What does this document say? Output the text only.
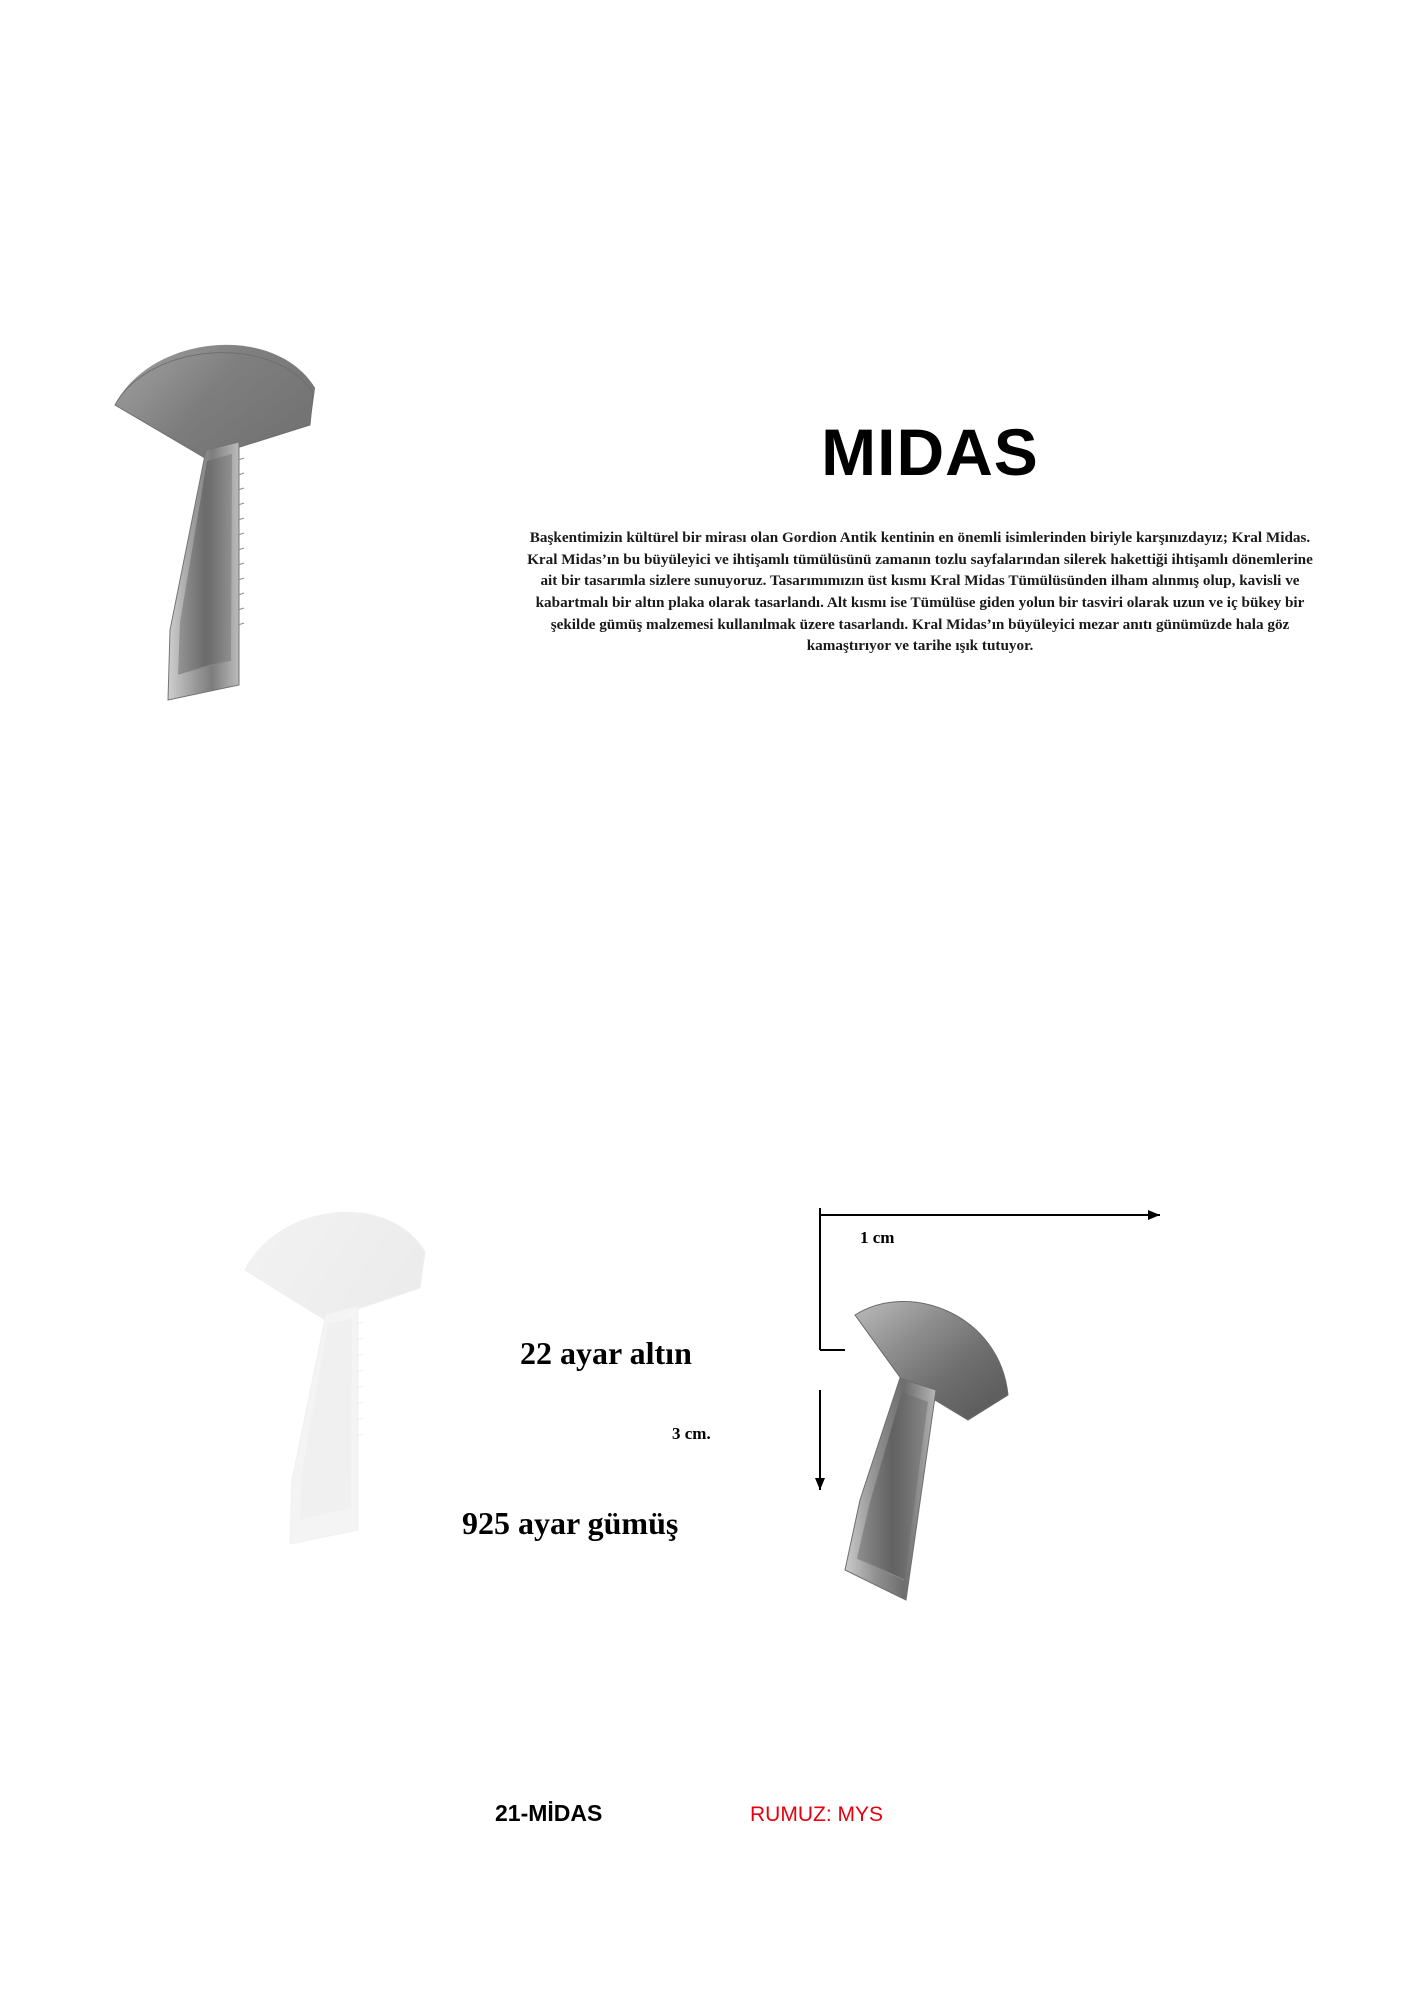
MIDAS

Başkentimizin kültürel bir mirası olan Gordion Antik kentinin en önemli isimlerinden biriyle karşınızdayız; Kral Midas. Kral Midas’ın bu büyüleyici ve ihtişamlı tümülüsünü zamanın tozlu sayfalarından silerek hakettiği ihtişamlı dönemlerine ait bir tasarımla sizlere sunuyoruz. Tasarımımızın üst kısmı Kral Midas Tümülüsünden ilham alınmış olup, kavisli ve kabartmalı bir altın plaka olarak tasarlandı. Alt kısmı ise Tümülüse giden yolun bir tasviri olarak uzun ve iç bükey bir şekilde gümüş malzemesi kullanılmak üzere tasarlandı. Kral Midas’ın büyüleyici mezar anıtı günümüzde hala göz kamaştırıyor ve tarihe ışık tutuyor.

1 cm
3 cm.
22 ayar altın
925 ayar gümüş
21-MİDAS	RUMUZ: MYS
